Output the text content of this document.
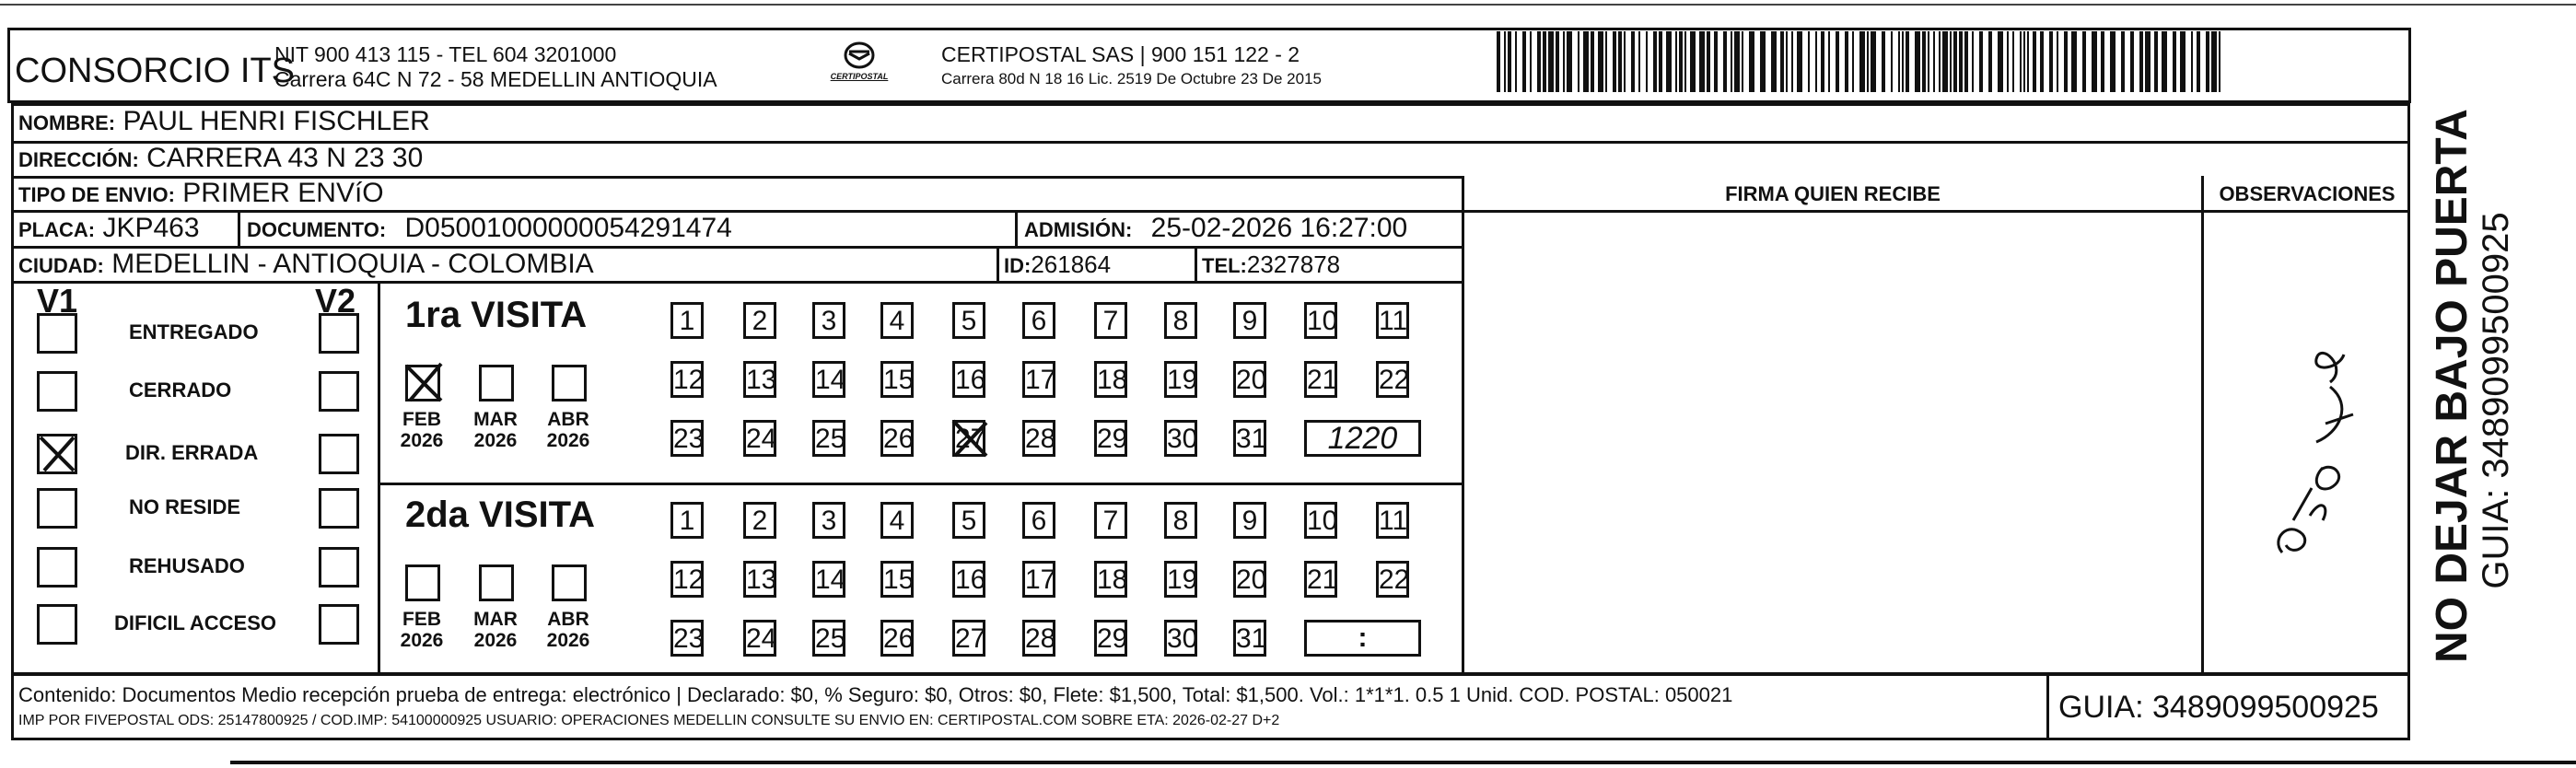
CONSORCIO ITS
NIT 900 413 115 - TEL 604 3201000
Carrera 64C N 72 - 58 MEDELLIN ANTIOQUIA	CERTIPOSTAL
CERTIPOSTAL SAS | 900 151 122 - 2
Carrera 80d N 18 16 Lic. 2519 De Octubre 23 De 2015
NOMBRE: PAUL HENRI FISCHLER
DIRECCIÓN: CARRERA 43 N 23 30
TIPO DE ENVIO: PRIMER ENVíO
PLACA: JKP463 DOCUMENTO: D05001000000054291474	ADMISIÓN: 25-02-2026 16:27:00
CIUDAD: MEDELLIN - ANTIOQUIA - COLOMBIA	ID:261864	TEL:2327878
FIRMA QUIEN RECIBE	OBSERVACIONES
V1	V2
ENTREGADO
CERRADO
DIR. ERRADA
NO RESIDE
REHUSADO
DIFICIL ACCESO
1ra VISITA
FEB
2026
MAR
2026
ABR
2026
1	2	3	4	5	6	7	8	9	10 11
12 13 14 15 16 17 18 19 20 21 22
23 24 25 26 27 28 29 30 31	1220
2da VISITA
FEB
2026
MAR
2026
ABR
2026
1	2	3	4	5	6	7	8	9	10 11
12 13 14 15 16 17 18 19 20 21 22
23 24 25 26 27 28 29 30 31	:
Contenido: Documentos Medio recepción prueba de entrega: electrónico | Declarado: $0, % Seguro: $0, Otros: $0, Flete: $1,500, Total: $1,500. Vol.: 1*1*1. 0.5 1 Unid. COD. POSTAL: 050021
IMP POR FIVEPOSTAL ODS: 25147800925 / COD.IMP: 54100000925 USUARIO: OPERACIONES MEDELLIN CONSULTE SU ENVIO EN: CERTIPOSTAL.COM SOBRE ETA: 2026-02-27 D+2	GUIA: 3489099500925
NO DEJAR BAJO PUERTA GUIA: 3489099500925
